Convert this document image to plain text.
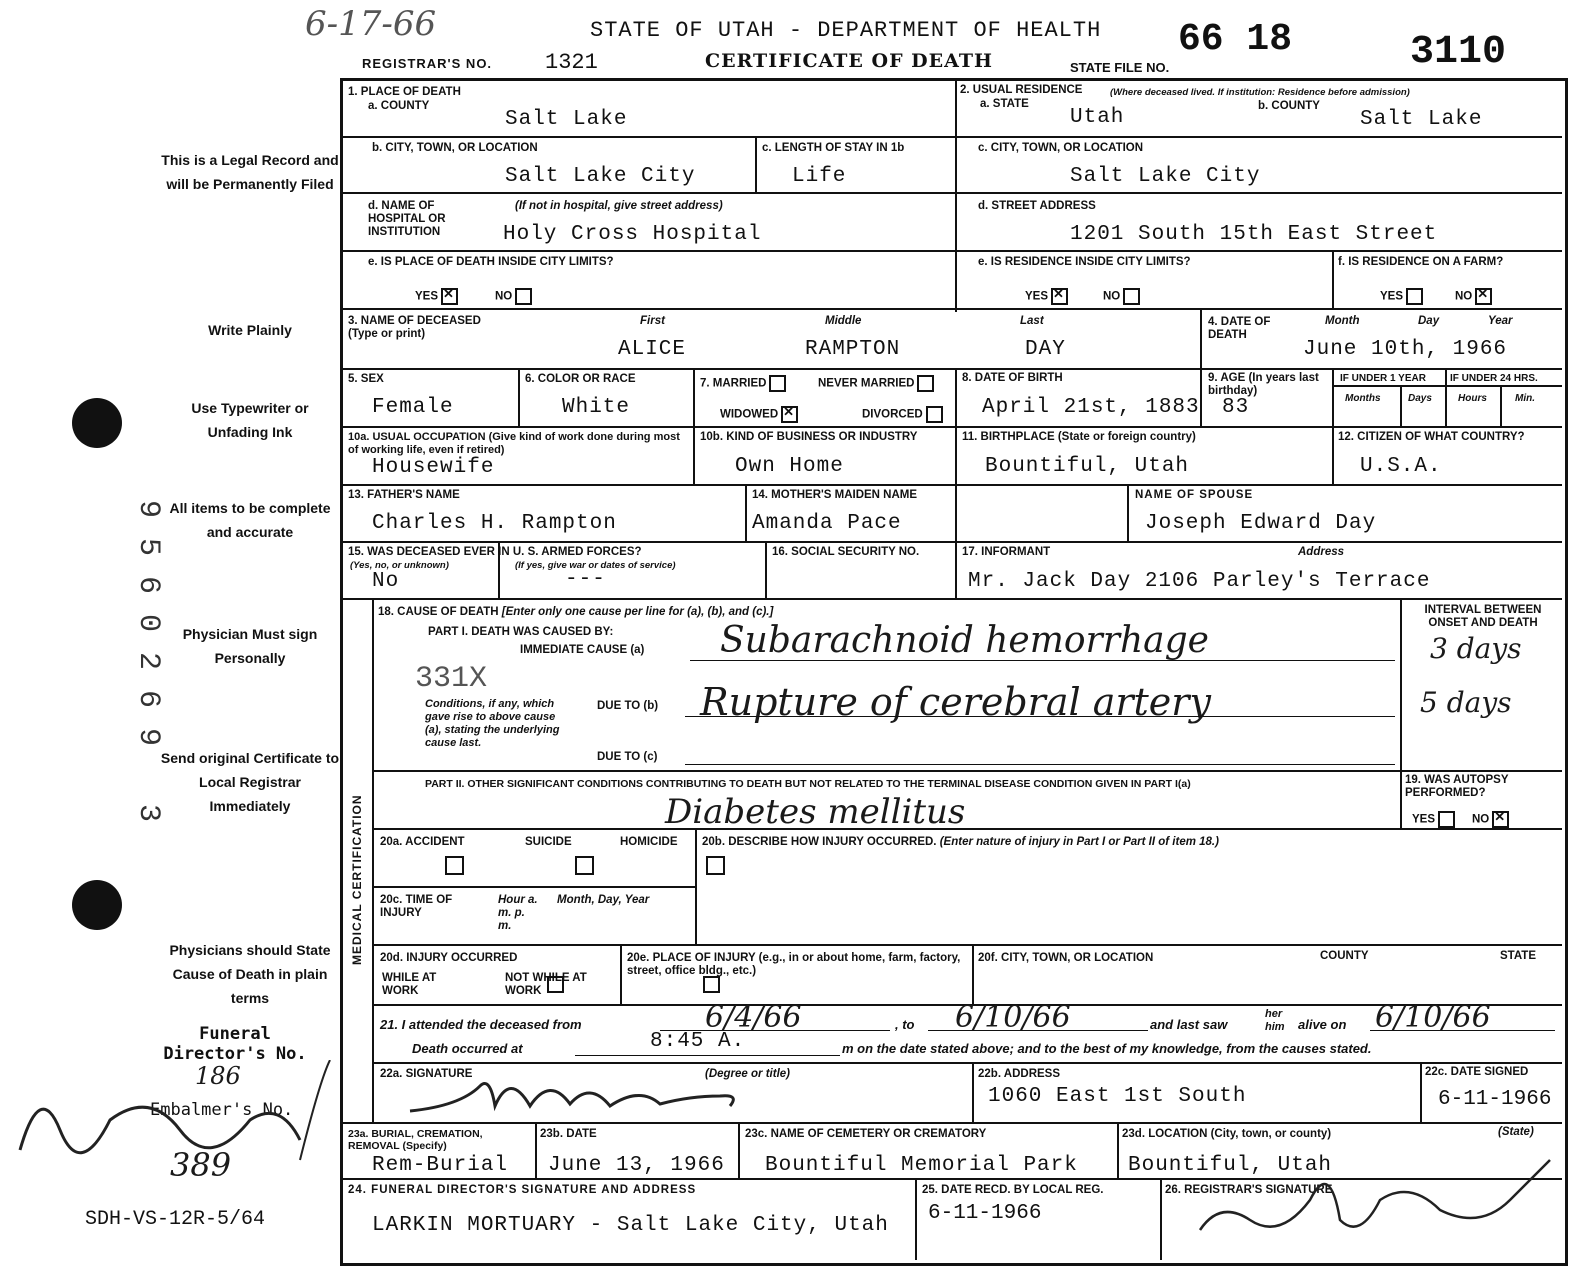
6-17-66	STATE OF UTAH - DEPARTMENT OF HEALTH
REGISTRAR'S NO. 1321	CERTIFICATE OF DEATH	STATE FILE NO.
66 18	3110
This is a Legal Record and will be Permanently Filed
Write Plainly
Use Typewriter or Unfading Ink
All items to be complete and accurate
Physician Must sign Personally
Send original Certificate to Local Registrar Immediately
Physicians should State Cause of Death in plain terms
Funeral Director's No.
186
Embalmer's No.
389
SDH-VS-12R-5/64
9560269 3
1. PLACE OF DEATH
a. COUNTY
Salt Lake
2. USUAL RESIDENCE	(Where deceased lived. If institution: Residence before admission)
a. STATE
Utah	b. COUNTY
Salt Lake
b. CITY, TOWN, OR LOCATION
Salt Lake City
c. LENGTH OF STAY IN 1b
Life
c. CITY, TOWN, OR LOCATION
Salt Lake City
d. NAME OF HOSPITAL OR INSTITUTION
(If not in hospital, give street address)
Holy Cross Hospital
d. STREET ADDRESS
1201 South 15th East Street
e. IS PLACE OF DEATH INSIDE CITY LIMITS?
YES ✕	NO
e. IS RESIDENCE INSIDE CITY LIMITS?
YES ✕	NO
f. IS RESIDENCE ON A FARM?
YES	NO✕
3. NAME OF DECEASED (Type or print)
First	Middle	Last
ALICE	RAMPTON	DAY
4. DATE OF DEATH
Month	Day	Year
June 10th, 1966
5. SEX
Female
6. COLOR OR RACE
White
7. MARRIED	NEVER MARRIED
WIDOWED ✕	DIVORCED
8. DATE OF BIRTH
April 21st, 1883
9. AGE (In years last birthday)
83
IF UNDER 1 YEAR IF UNDER 24 HRS.
Months	Days	Hours	Min.
10a. USUAL OCCUPATION (Give kind of work done during most of working life, even if retired)
Housewife
10b. KIND OF BUSINESS OR INDUSTRY
Own Home
11. BIRTHPLACE (State or foreign country)
Bountiful, Utah
12. CITIZEN OF WHAT COUNTRY?
U.S.A.
13. FATHER'S NAME
Charles H. Rampton
14. MOTHER'S MAIDEN NAME
Amanda Pace
NAME OF SPOUSE
Joseph Edward Day
15. WAS DECEASED EVER IN U. S. ARMED FORCES?
(Yes, no, or unknown)	(If yes, give war or dates of service)
No	---
16. SOCIAL SECURITY NO.	17. INFORMANT	Address
Mr. Jack Day 2106 Parley's Terrace
MEDICAL CERTIFICATION
18. CAUSE OF DEATH [Enter only one cause per line for (a), (b), and (c).]
PART I. DEATH WAS CAUSED BY:
IMMEDIATE CAUSE (a) Subarachnoid hemorrhage
331X
Conditions, if any, which gave rise to above cause (a), stating the underlying cause last.
DUE TO (b) Rupture of cerebral artery
DUE TO (c)
INTERVAL BETWEEN ONSET AND DEATH
3 days
5 days
PART II. OTHER SIGNIFICANT CONDITIONS CONTRIBUTING TO DEATH BUT NOT RELATED TO THE TERMINAL DISEASE CONDITION GIVEN IN PART I(a)
Diabetes mellitus
19. WAS AUTOPSY PERFORMED?
YES	NO✕
20a. ACCIDENT	SUICIDE	HOMICIDE
20b. DESCRIBE HOW INJURY OCCURRED. (Enter nature of injury in Part I or Part II of item 18.)
20c. TIME OF INJURY
Hour a. m. p. m.
Month, Day, Year
20d. INJURY OCCURRED
WHILE AT WORK

NOT WHILE AT WORK
20e. PLACE OF INJURY (e.g., in or about home, farm, factory, street, office bldg., etc.)
20f. CITY, TOWN, OR LOCATION	COUNTY	STATE
21. I attended the deceased from	6/4/66	, to 6/10/66	and last saw
her him	alive on 6/10/66
Death occurred at	8:45 A.	m on the date stated above; and to the best of my knowledge, from the causes stated.
22a. SIGNATURE	(Degree or title)	22b. ADDRESS
1060 East 1st South
22c. DATE SIGNED
6-11-1966
23a. BURIAL, CREMATION, REMOVAL (Specify)
Rem-Burial
23b. DATE
June 13, 1966
23c. NAME OF CEMETERY OR CREMATORY
Bountiful Memorial Park
23d. LOCATION (City, town, or county)	(State)
Bountiful, Utah
24. FUNERAL DIRECTOR'S SIGNATURE AND ADDRESS
LARKIN MORTUARY - Salt Lake City, Utah
25. DATE RECD. BY LOCAL REG.
6-11-1966
26. REGISTRAR'S SIGNATURE
